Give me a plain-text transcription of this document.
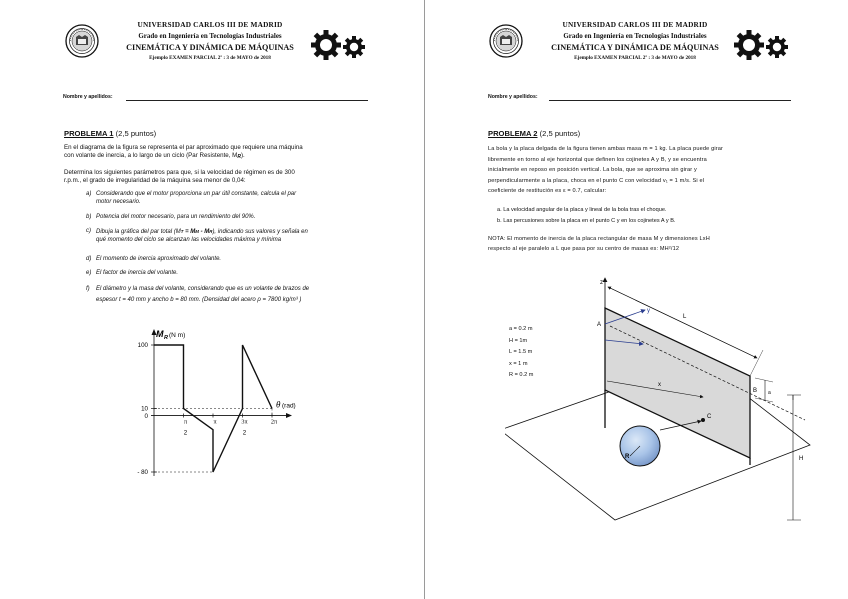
UNIVERSIDAD CARLOS III DE MADRID
Grado en Ingeniería en Tecnologías Industriales
CINEMÁTICA Y DINÁMICA DE MÁQUINAS
Ejemplo EXAMEN PARCIAL 2º : 3 de MAYO de 2018
Nombre y apellidos:
PROBLEMA 1 (2,5 puntos)
En el diagrama de la figura se representa el par aproximado que requiere una máquina
con volante de inercia, a lo largo de un ciclo (Par Resistente, MR).
Determina los siguientes parámetros para que, si la velocidad de régimen es de 300
r.p.m., el grado de irregularidad de la máquina sea menor de 0,04:
a) Considerando que el motor proporciona un par útil constante, calcula el par
motor necesario.
b) Potencia del motor necesario, para un rendimiento del 90%.
c) Dibuja la gráfica del par total (MT = MM - MR), indicando sus valores y señala en
qué momento del ciclo se alcanzan las velocidades máxima y mínima
d) El momento de inercia aproximado del volante.
e) El factor de inercia del volante.
f) El diámetro y la masa del volante, considerando que es un volante de brazos de
espesor t = 40 mm y ancho b = 80 mm. (Densidad del acero ρ = 7800 kg/m³ )
100
10
0
- 80
π
2
π	3π
2
2π
M R (N m)
θ (rad)
UNIVERSIDAD CARLOS III DE MADRID
Grado en Ingeniería en Tecnologías Industriales
CINEMÁTICA Y DINÁMICA DE MÁQUINAS
Ejemplo EXAMEN PARCIAL 2º : 3 de MAYO de 2018
Nombre y apellidos:
PROBLEMA 2 (2,5 puntos)
La bola y la placa delgada de la figura tienen ambas masa m = 1 kg. La placa puede girar
libremente en torno al eje horizontal que definen los cojinetes A y B, y se encuentra
inicialmente en reposo en posición vertical. La bola, que se aproxima sin girar y
perpendicularmente a la placa, choca en el punto C con velocidad v₁ = 1 m/s. Si el
coeficiente de restitución es ε = 0.7, calcular:
a. La velocidad angular de la placa y lineal de la bola tras el choque.
b. Las percusiones sobre la placa en el punto C y en los cojinetes A y B.
NOTA: El momento de inercia de la placa rectangular de masa M y dimensiones LxH
respecto al eje paralelo a L que pasa por su centro de masas es: MH²/12
a = 0.2 m
H = 1m
L = 1.5 m
x = 1 m
R = 0.2 m
z
y
A
B
C
L
x
H
a
R
